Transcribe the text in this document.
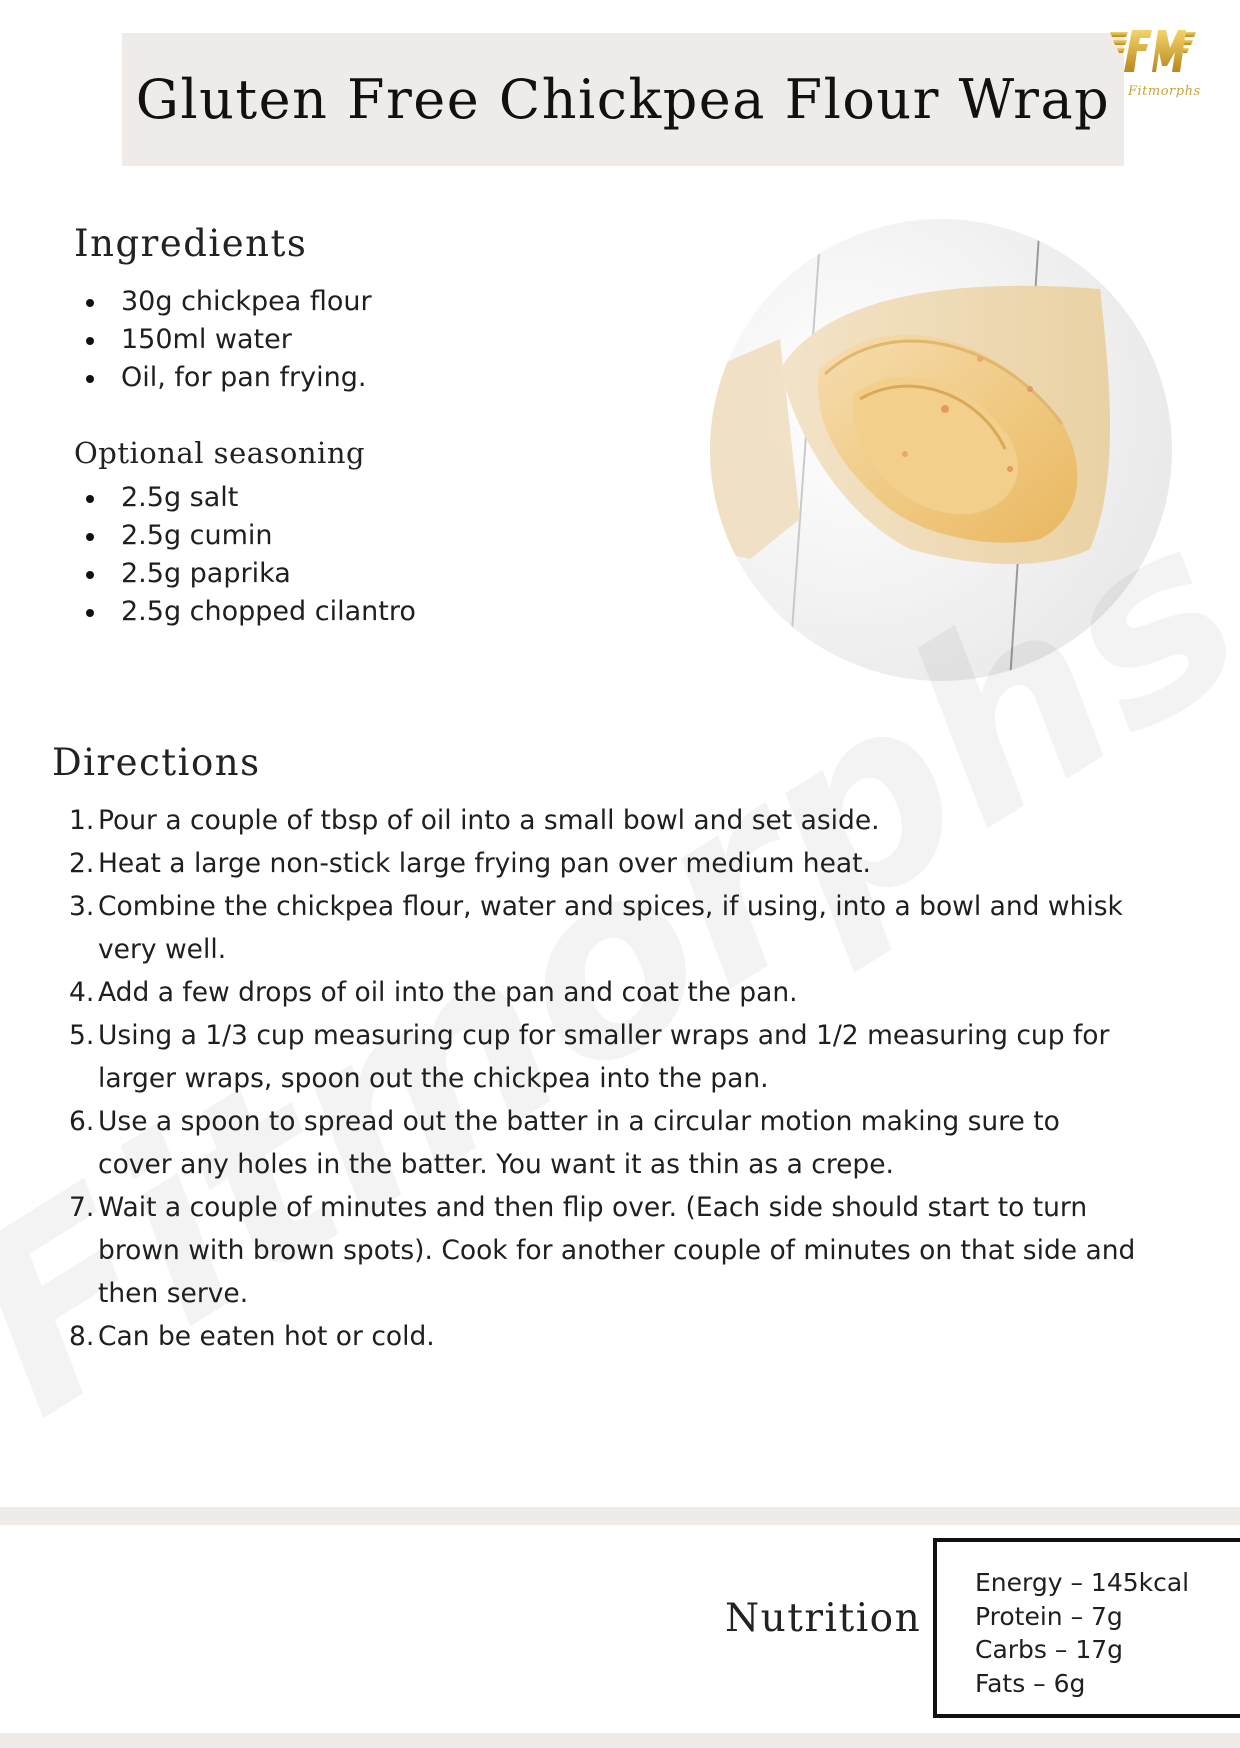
Gluten Free Chickpea Flour Wrap Fitmorphs
Ingredients
30g chickpea flour
150ml water
Oil, for pan frying.
Optional seasoning
2.5g salt
2.5g cumin
2.5g paprika
2.5g chopped cilantro
Directions
Pour a couple of tbsp of oil into a small bowl and set aside.
Heat a large non-stick large frying pan over medium heat.
Combine the chickpea flour, water and spices, if using, into a bowl and whisk very well.
Add a few drops of oil into the pan and coat the pan.
Using a 1/3 cup measuring cup for smaller wraps and 1/2 measuring cup for larger wraps, spoon out the chickpea into the pan.
Use a spoon to spread out the batter in a circular motion making sure to cover any holes in the batter. You want it as thin as a crepe.
Wait a couple of minutes and then flip over. (Each side should start to turn brown with brown spots). Cook for another couple of minutes on that side and then serve.
Can be eaten hot or cold.
Nutrition
Energy – 145kcal
Protein – 7g
Carbs – 17g
Fats – 6g
